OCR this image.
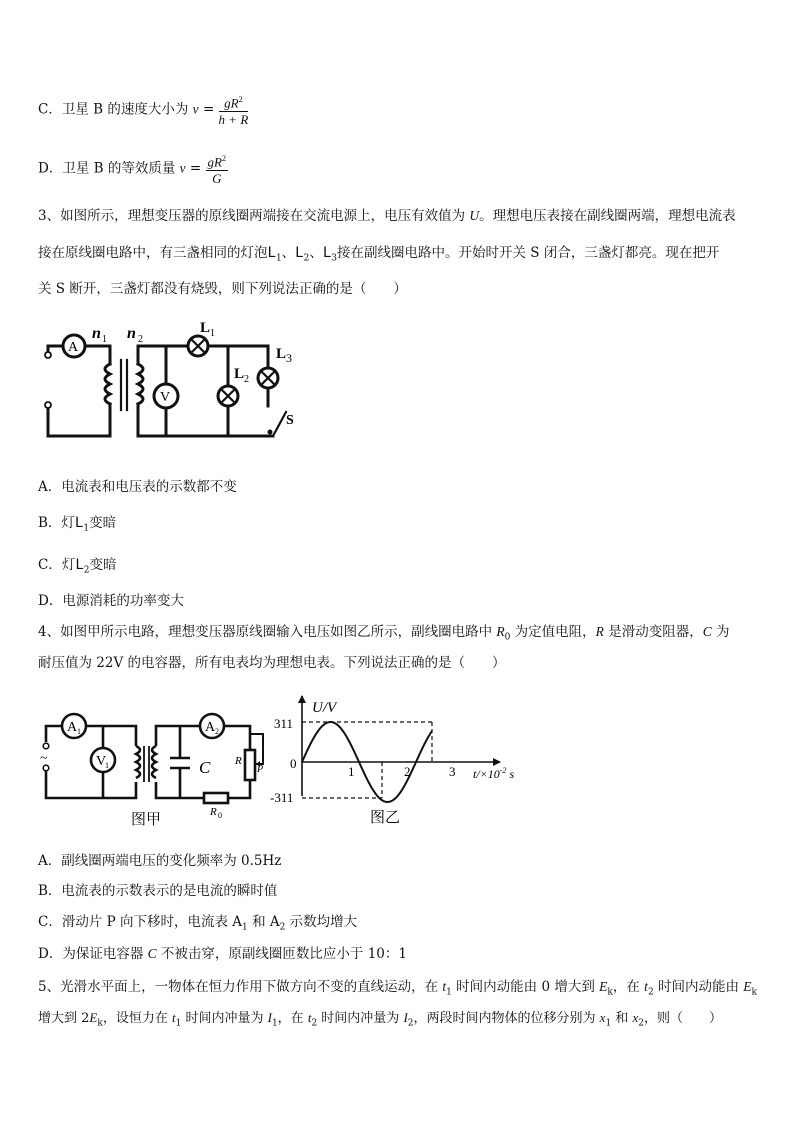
C．卫星 B 的速度大小为 $v = \frac{gR^2}{h + R}$
D．卫星 B 的等效质量 $v = \frac{gR^2}{G}$
3、如图所示，理想变压器的原线圈两端接在交流电源上，电压有效值为 U。理想电压表接在副线圈两端，理想电流表
接在原线圈电路中，有三盏相同的灯泡$L_1$、$L_2$、$L_3$接在副线圈电路中。开始时开关 S 闭合，三盏灯都亮。现在把开
关 S 断开，三盏灯都没有烧毁，则下列说法正确的是（　　）
A
V
n 1 n 2
L 1
L 2
L 3
S
A．电流表和电压表的示数都不变
B．灯$L_1$变暗
C．灯$L_2$变暗
D．电源消耗的功率变大
4、如图甲所示电路，理想变压器原线圈输入电压如图乙所示，副线圈电路中 $R_0$ 为定值电阻，R 是滑动变阻器，C 为
耐压值为 22V 的电容器，所有电表均为理想电表。下列说法正确的是（　　）
~
A 1
V
1
A 2
C R
P
R 0
图甲
U/V
311
-311
0
1	2	3 $t/\times 10^{-2}$ s
图乙
A．副线圈两端电压的变化频率为 0.5Hz
B．电流表的示数表示的是电流的瞬时值
C．滑动片 P 向下移时，电流表 $A_1$ 和 $A_2$ 示数均增大
D．为保证电容器 C 不被击穿，原副线圈匝数比应小于 10：1
5、光滑水平面上，一物体在恒力作用下做方向不变的直线运动，在 $t_1$ 时间内动能由 0 增大到 $E_k$，在 $t_2$ 时间内动能由 $E_k$
增大到 $2E_k$，设恒力在 $t_1$ 时间内冲量为 $I_1$，在 $t_2$ 时间内冲量为 $I_2$，两段时间内物体的位移分别为 $x_1$ 和 $x_2$，则（　　）
